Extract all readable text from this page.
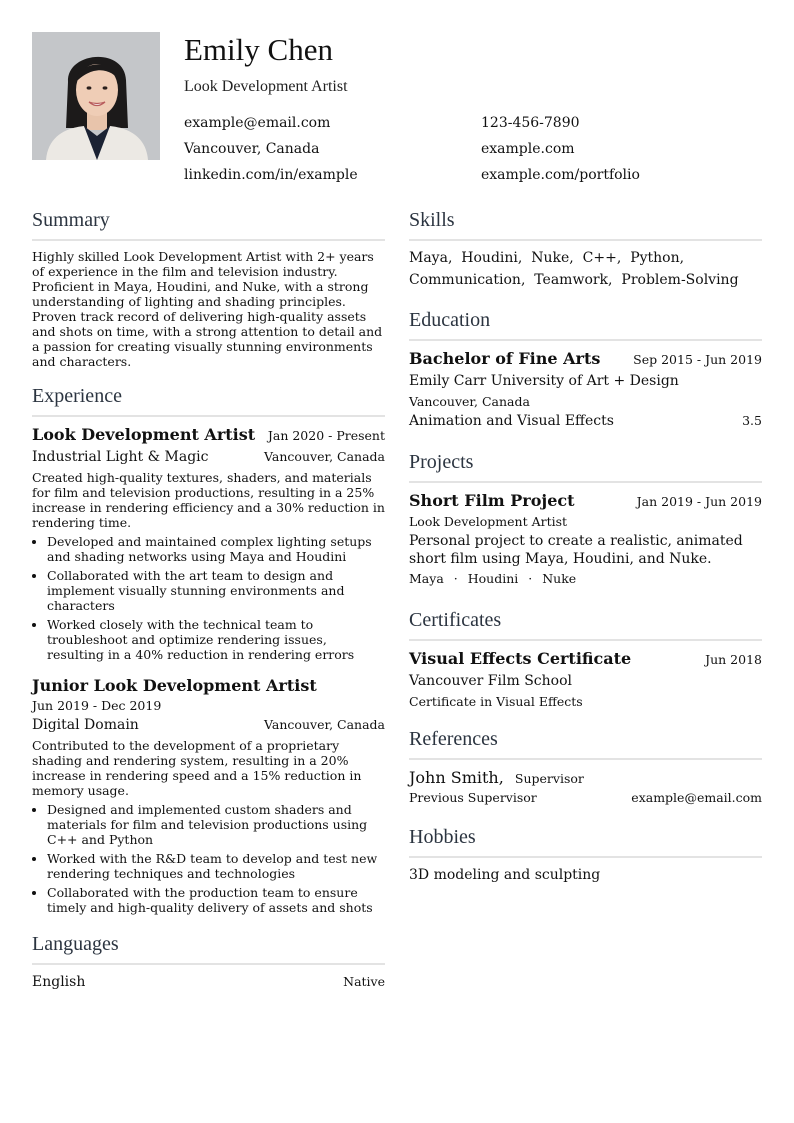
Emily Chen
Look Development Artist
example@email.com	123-456-7890
Vancouver, Canada	example.com
linkedin.com/in/example	example.com/portfolio
Summary

Highly skilled Look Development Artist with 2+ years of experience in the film and television industry. Proficient in Maya, Houdini, and Nuke, with a strong understanding of lighting and shading principles. Proven track record of delivering high-quality assets and shots on time, with a strong attention to detail and a passion for creating visually stunning environments and characters.

Experience
Look Development Artist Jan 2020 - Present
Industrial Light & Magic	Vancouver, Canada

Created high-quality textures, shaders, and materials for film and television productions, resulting in a 25% increase in rendering efficiency and a 30% reduction in rendering time.

• Developed and maintained complex lighting setups and shading networks using Maya and Houdini
• Collaborated with the art team to design and implement visually stunning environments and characters
• Worked closely with the technical team to troubleshoot and optimize rendering issues, resulting in a 40% reduction in rendering errors
Junior Look Development Artist
Jun 2019 - Dec 2019
Digital Domain	Vancouver, Canada

Contributed to the development of a proprietary shading and rendering system, resulting in a 20% increase in rendering speed and a 15% reduction in memory usage.

• Designed and implemented custom shaders and materials for film and television productions using C++ and Python
• Worked with the R&D team to develop and test new rendering techniques and technologies
• Collaborated with the production team to ensure timely and high-quality delivery of assets and shots
Languages
English	Native
Skills
Maya, Houdini, Nuke, C++, Python,
Communication, Teamwork, Problem-Solving
Education
Bachelor of Fine Arts	Sep 2015 - Jun 2019
Emily Carr University of Art + Design
Vancouver, Canada
Animation and Visual Effects	3.5
Projects
Short Film Project	Jan 2019 - Jun 2019
Look Development Artist
Personal project to create a realistic, animated short film using Maya, Houdini, and Nuke.
Maya · Houdini · Nuke
Certificates
Visual Effects Certificate	Jun 2018
Vancouver Film School
Certificate in Visual Effects
References
John Smith, Supervisor
Previous Supervisor	example@email.com
Hobbies
3D modeling and sculpting
